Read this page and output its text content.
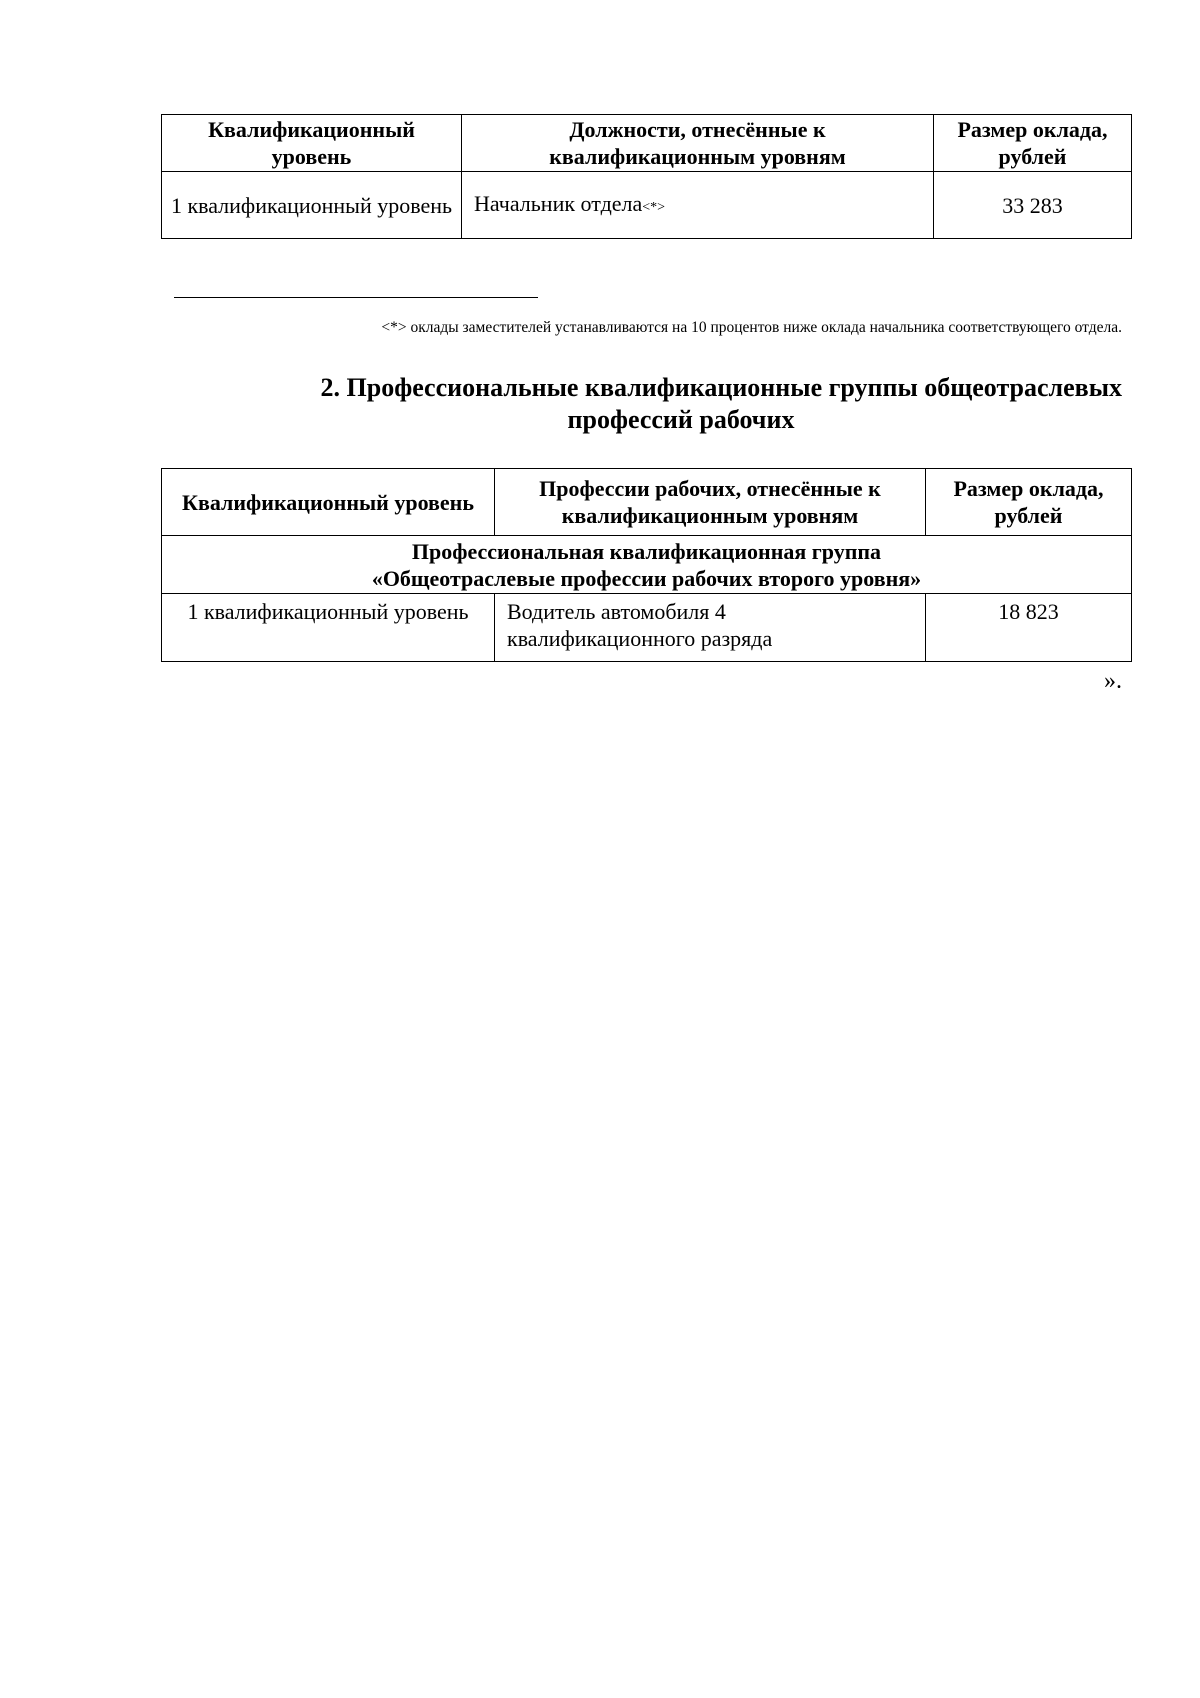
Квалификационный уровень	Должности, отнесённые к квалификационным уровням	Размер оклада, рублей
1 квалификационный уровень	Начальник отдела<*>	33 283
<*> оклады заместителей устанавливаются на 10 процентов ниже оклада начальника соответствующего отдела.
2. Профессиональные квалификационные группы общеотраслевых
профессий рабочих
Квалификационный уровень	Профессии рабочих, отнесённые к квалификационным уровням	Размер оклада, рублей

Профессиональная квалификационная группа
«Общеотраслевые профессии рабочих второго уровня»		

1 квалификационный уровень	Водитель автомобиля 4 квалификационного разряда	18 823
».
